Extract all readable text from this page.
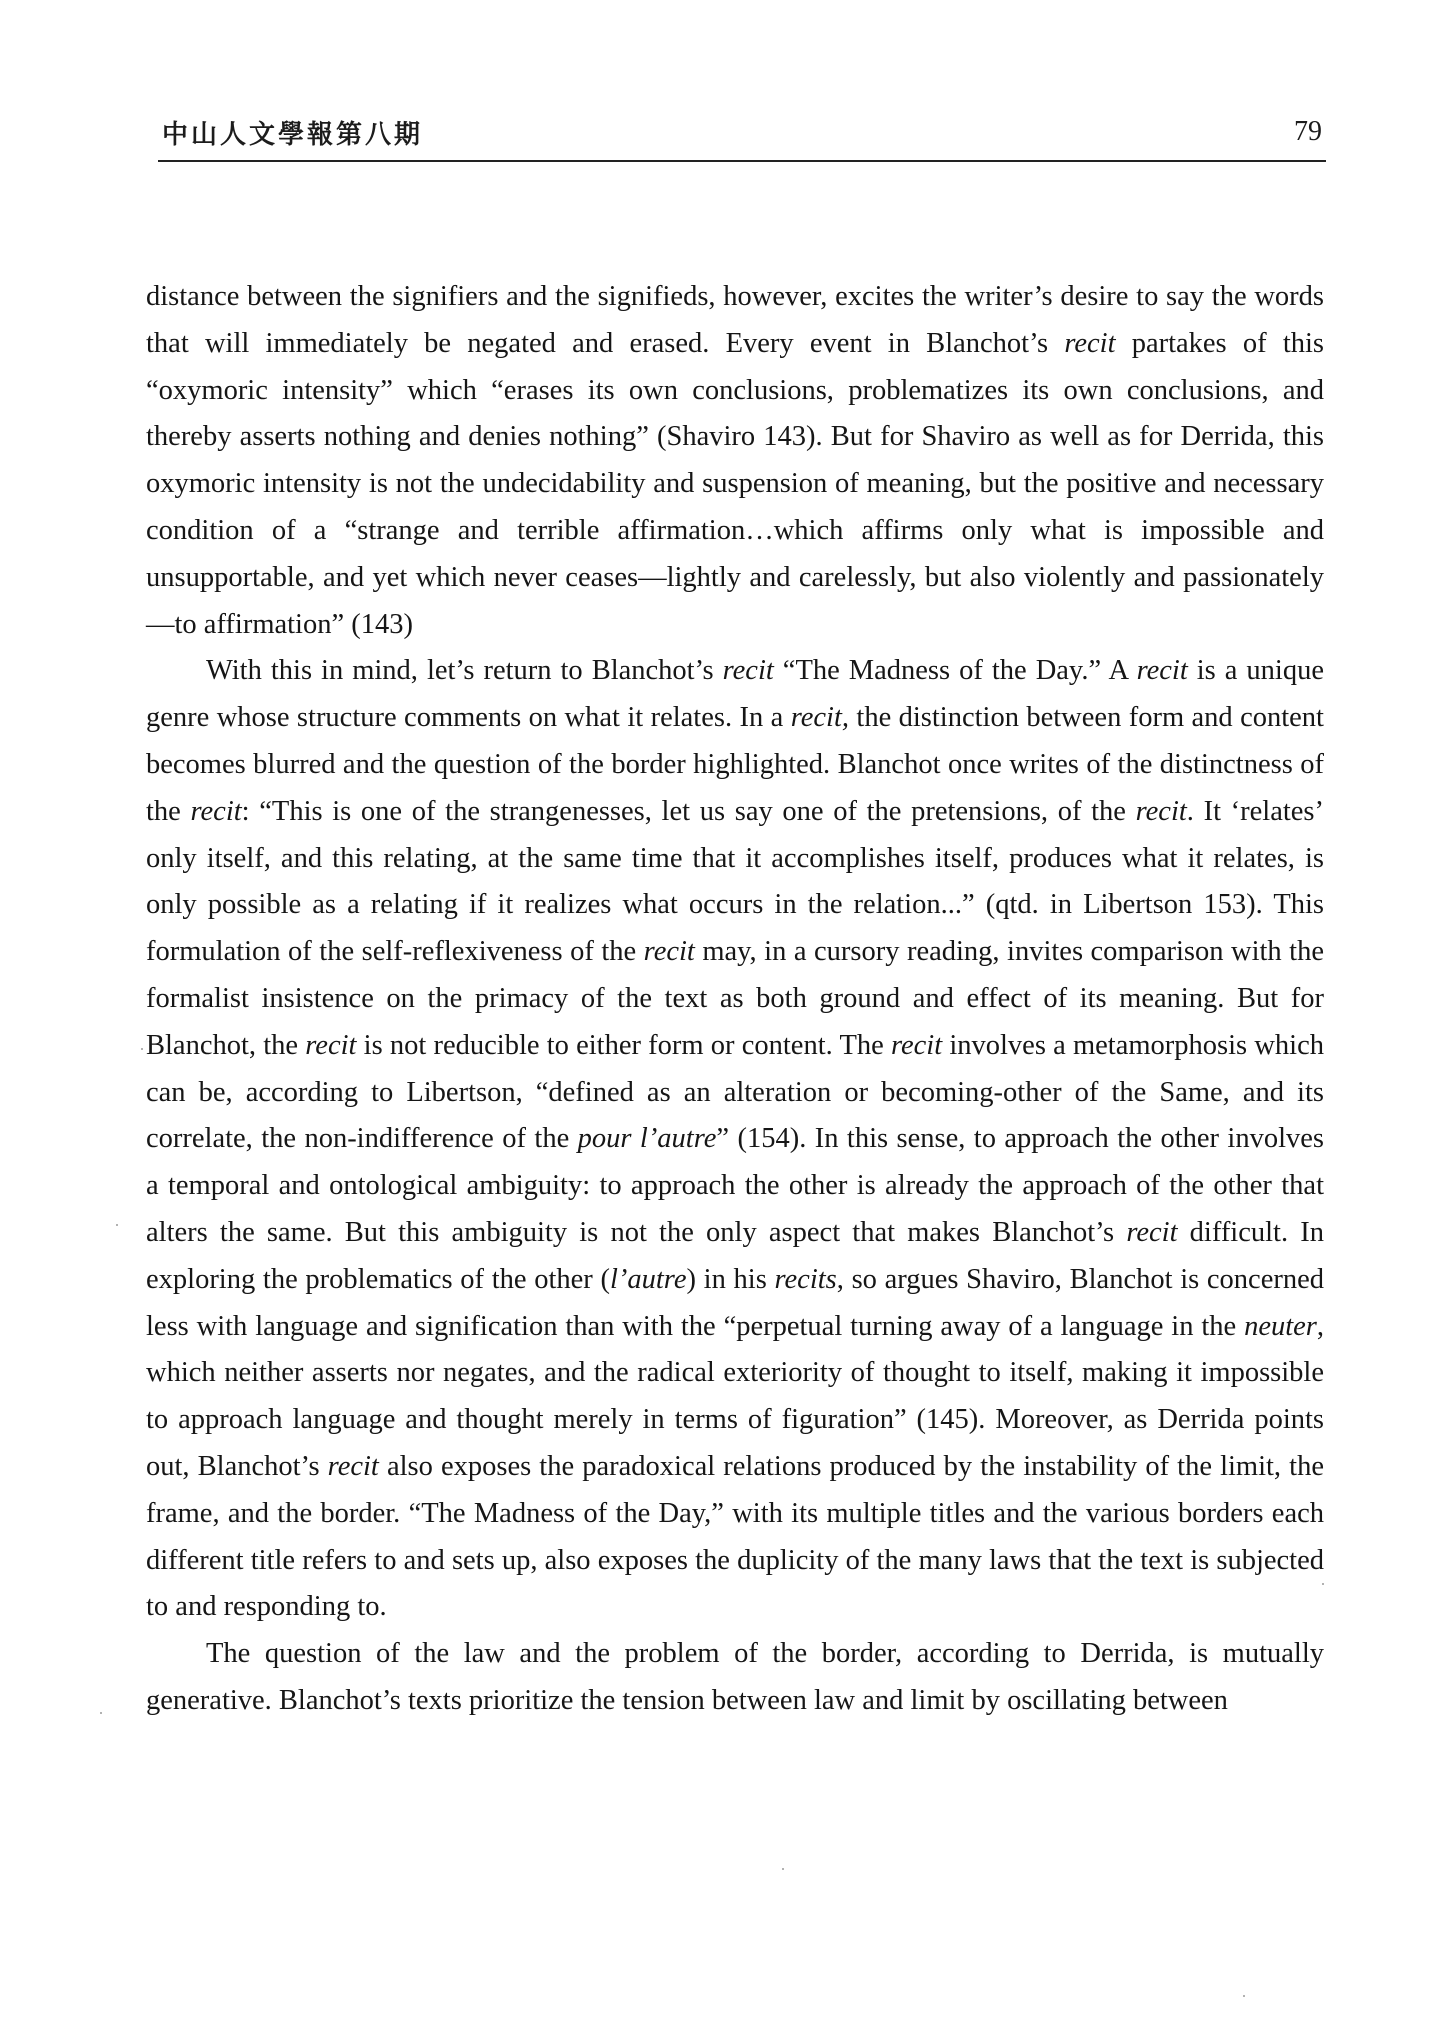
中山人文學報第八期	79

distance between the signifiers and the signifieds, however, excites the writer’s desire to say the words that will immediately be negated and erased. Every event in Blanchot’s recit partakes of this “oxymoric intensity” which “erases its own conclusions, problematizes its own conclusions, and thereby asserts nothing and denies nothing” (Shaviro 143). But for Shaviro as well as for Derrida, this oxymoric intensity is not the undecidability and suspension of meaning, but the positive and necessary condition of a “strange and terrible affirmation…which affirms only what is impossible and unsupportable, and yet which never ceases—lightly and carelessly, but also violently and passionately—to affirmation” (143)

With this in mind, let’s return to Blanchot’s recit “The Madness of the Day.” A recit is a unique genre whose structure comments on what it relates. In a recit, the distinction between form and content becomes blurred and the question of the border highlighted. Blanchot once writes of the distinctness of the recit: “This is one of the strangenesses, let us say one of the pretensions, of the recit. It ‘relates’ only itself, and this relating, at the same time that it accomplishes itself, produces what it relates, is only possible as a relating if it realizes what occurs in the relation...” (qtd. in Libertson 153). This formulation of the self-reflexiveness of the recit may, in a cursory reading, invites comparison with the formalist insistence on the primacy of the text as both ground and effect of its meaning. But for Blanchot, the recit is not reducible to either form or content. The recit involves a metamorphosis which can be, according to Libertson, “defined as an alteration or becoming-other of the Same, and its correlate, the non-indifference of the pour l’autre” (154). In this sense, to approach the other involves a temporal and ontological ambiguity: to approach the other is already the approach of the other that alters the same. But this ambiguity is not the only aspect that makes Blanchot’s recit difficult. In exploring the problematics of the other (l’autre) in his recits, so argues Shaviro, Blanchot is concerned less with language and signification than with the “perpetual turning away of a language in the neuter, which neither asserts nor negates, and the radical exteriority of thought to itself, making it impossible to approach language and thought merely in terms of figuration” (145). Moreover, as Derrida points out, Blanchot’s recit also exposes the paradoxical relations produced by the instability of the limit, the frame, and the border. “The Madness of the Day,” with its multiple titles and the various borders each different title refers to and sets up, also exposes the duplicity of the many laws that the text is subjected to and responding to.

The question of the law and the problem of the border, according to Derrida, is mutually generative. Blanchot’s texts prioritize the tension between law and limit by oscillating between
